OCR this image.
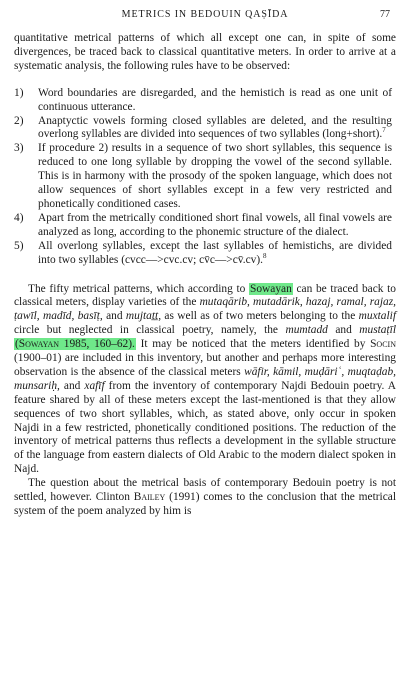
METRICS IN BEDOUIN QAṢĪDA	77

quantitative metrical patterns of which all except one can, in spite of some divergences, be traced back to classical quantitative meters. In order to arrive at a systematic analysis, the following rules have to be observed:

1) Word boundaries are disregarded, and the hemistich is read as one unit of continuous utterance.
2) Anaptyctic vowels forming closed syllables are deleted, and the resulting overlong syllables are divided into sequences of two syllables (long+short).$^7$
3) If procedure 2) results in a sequence of two short syllables, this sequence is reduced to one long syllable by dropping the vowel of the second syllable. This is in harmony with the prosody of the spoken language, which does not allow sequences of short syllables except in a few very restricted and phonetically conditioned cases.
4) Apart from the metrically conditioned short final vowels, all final vowels are analyzed as long, according to the phonemic structure of the dialect.
5) All overlong syllables, except the last syllables of hemistichs, are divided into two syllables (cvcc—>cvc.cv; cv̄c—>cv̄.cv).$^8$

The fifty metrical patterns, which according to Sowayan can be traced back to classical meters, display varieties of the mutaqārib, mutadārik, hazaj, ramal, rajaz, ṭawīl, madīd, basīṭ, and mujtaṯṯ, as well as of two meters belonging to the muxtalif circle but neglected in classical poetry, namely, the mumtadd and mustaṭīl (Sowayan 1985, 160–62). It may be noticed that the meters identified by Socin (1900–01) are included in this inventory, but another and perhaps more interesting observation is the absence of the classical meters wāfir, kāmil, muḍāriʿ, muqtaḍab, munsariḥ, and xafīf from the inventory of contemporary Najdi Bedouin poetry. A feature shared by all of these meters except the last-mentioned is that they allow sequences of two short syllables, which, as stated above, only occur in spoken Najdi in a few restricted, phonetically conditioned positions. The reduction of the inventory of metrical patterns thus reflects a development in the syllable structure of the language from eastern dialects of Old Arabic to the modern dialect spoken in Najd.

The question about the metrical basis of contemporary Bedouin poetry is not settled, however. Clinton Bailey (1991) comes to the conclusion that the metrical system of the poem analyzed by him is
